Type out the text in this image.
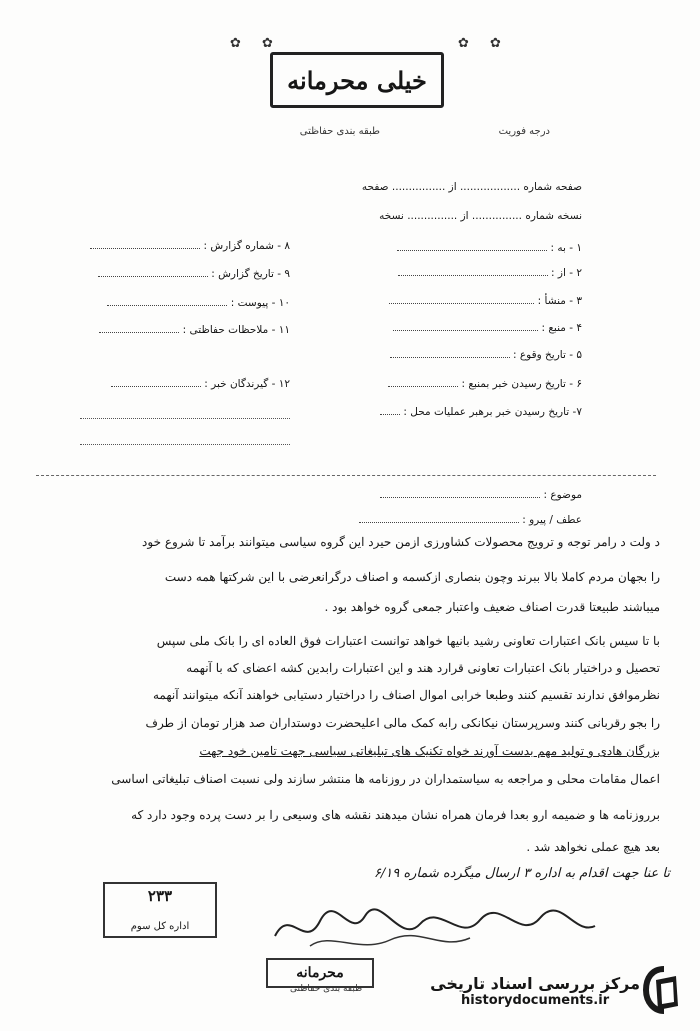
✿ ✿	✿ ✿
خیلی محرمانه
درجه فوریت
طبقه بندی حفاظتی
صفحه شماره .................. از ................ صفحه
نسخه شماره ............... از ............... نسخه
۱ - به :
۲ - از :
۳ - منشأ :
۴ - منبع :
۵ - تاریخ وقوع :
۶ - تاریخ رسیدن خبر بمنبع :
۷- تاریخ رسیدن خبر برهبر عملیات محل :
۸ - شماره گزارش :
۹ - تاریخ گزارش :
۱۰ - پیوست :
۱۱ - ملاحظات حفاظتی :
۱۲ - گیرندگان خبر :
موضوع :
عطف / پیرو :
د ولت د رامر توجه و ترویج محصولات کشاورزی ازمن حیرد این گروه سیاسی میتوانند برآمد تا شروع خود
را بجهان مردم کاملا بالا ببرند وچون بنصاری ازکسمه و اصناف درگرانعرضی با این شرکتها همه دست
میباشند طبیعتا قدرت اصناف ضعیف واعتبار جمعی گروه خواهد بود .
با تا سیس بانک اعتبارات تعاونی رشید بانیها خواهد توانست اعتبارات فوق العاده ای را بانک ملی سپس
تحصیل و دراختیار بانک اعتبارات تعاونی قرارد هند و این اعتبارات رابدین کشه اعضای که با آنهمه
نظرموافق ندارند تقسیم کنند وطبعا خرابی اموال اصناف را دراختیار دستیابی خواهند آنکه میتوانند آنهمه
را بجو رقربانی کنند وسرپرستان نیکانکی رابه کمک مالی اعلیحضرت دوستداران صد هزار تومان از طرف
بزرگان هادی و تولید مهم بدست آورند خواه تکنیک های تبلیغاتی سیاسی جهت تامین خود جهت
اعمال مقامات محلی و مراجعه به سیاستمداران در روزنامه ها منتشر سازند ولی نسبت اصناف تبلیغاتی اساسی
برروزنامه ها و ضمیمه ارو بعدا فرمان همراه نشان میدهند نقشه های وسیعی را بر دست پرده وجود دارد که
بعد هیچ عملی نخواهد شد .
تا عنا جهت اقدام به اداره ۳ ارسال میگرده شماره ۶/۱۹
۲۳۳
اداره کل سوم
محرمانه
طبقه بندی حفاظتی	مرکز بررسی اسناد تاریخی
historydocuments.ir
